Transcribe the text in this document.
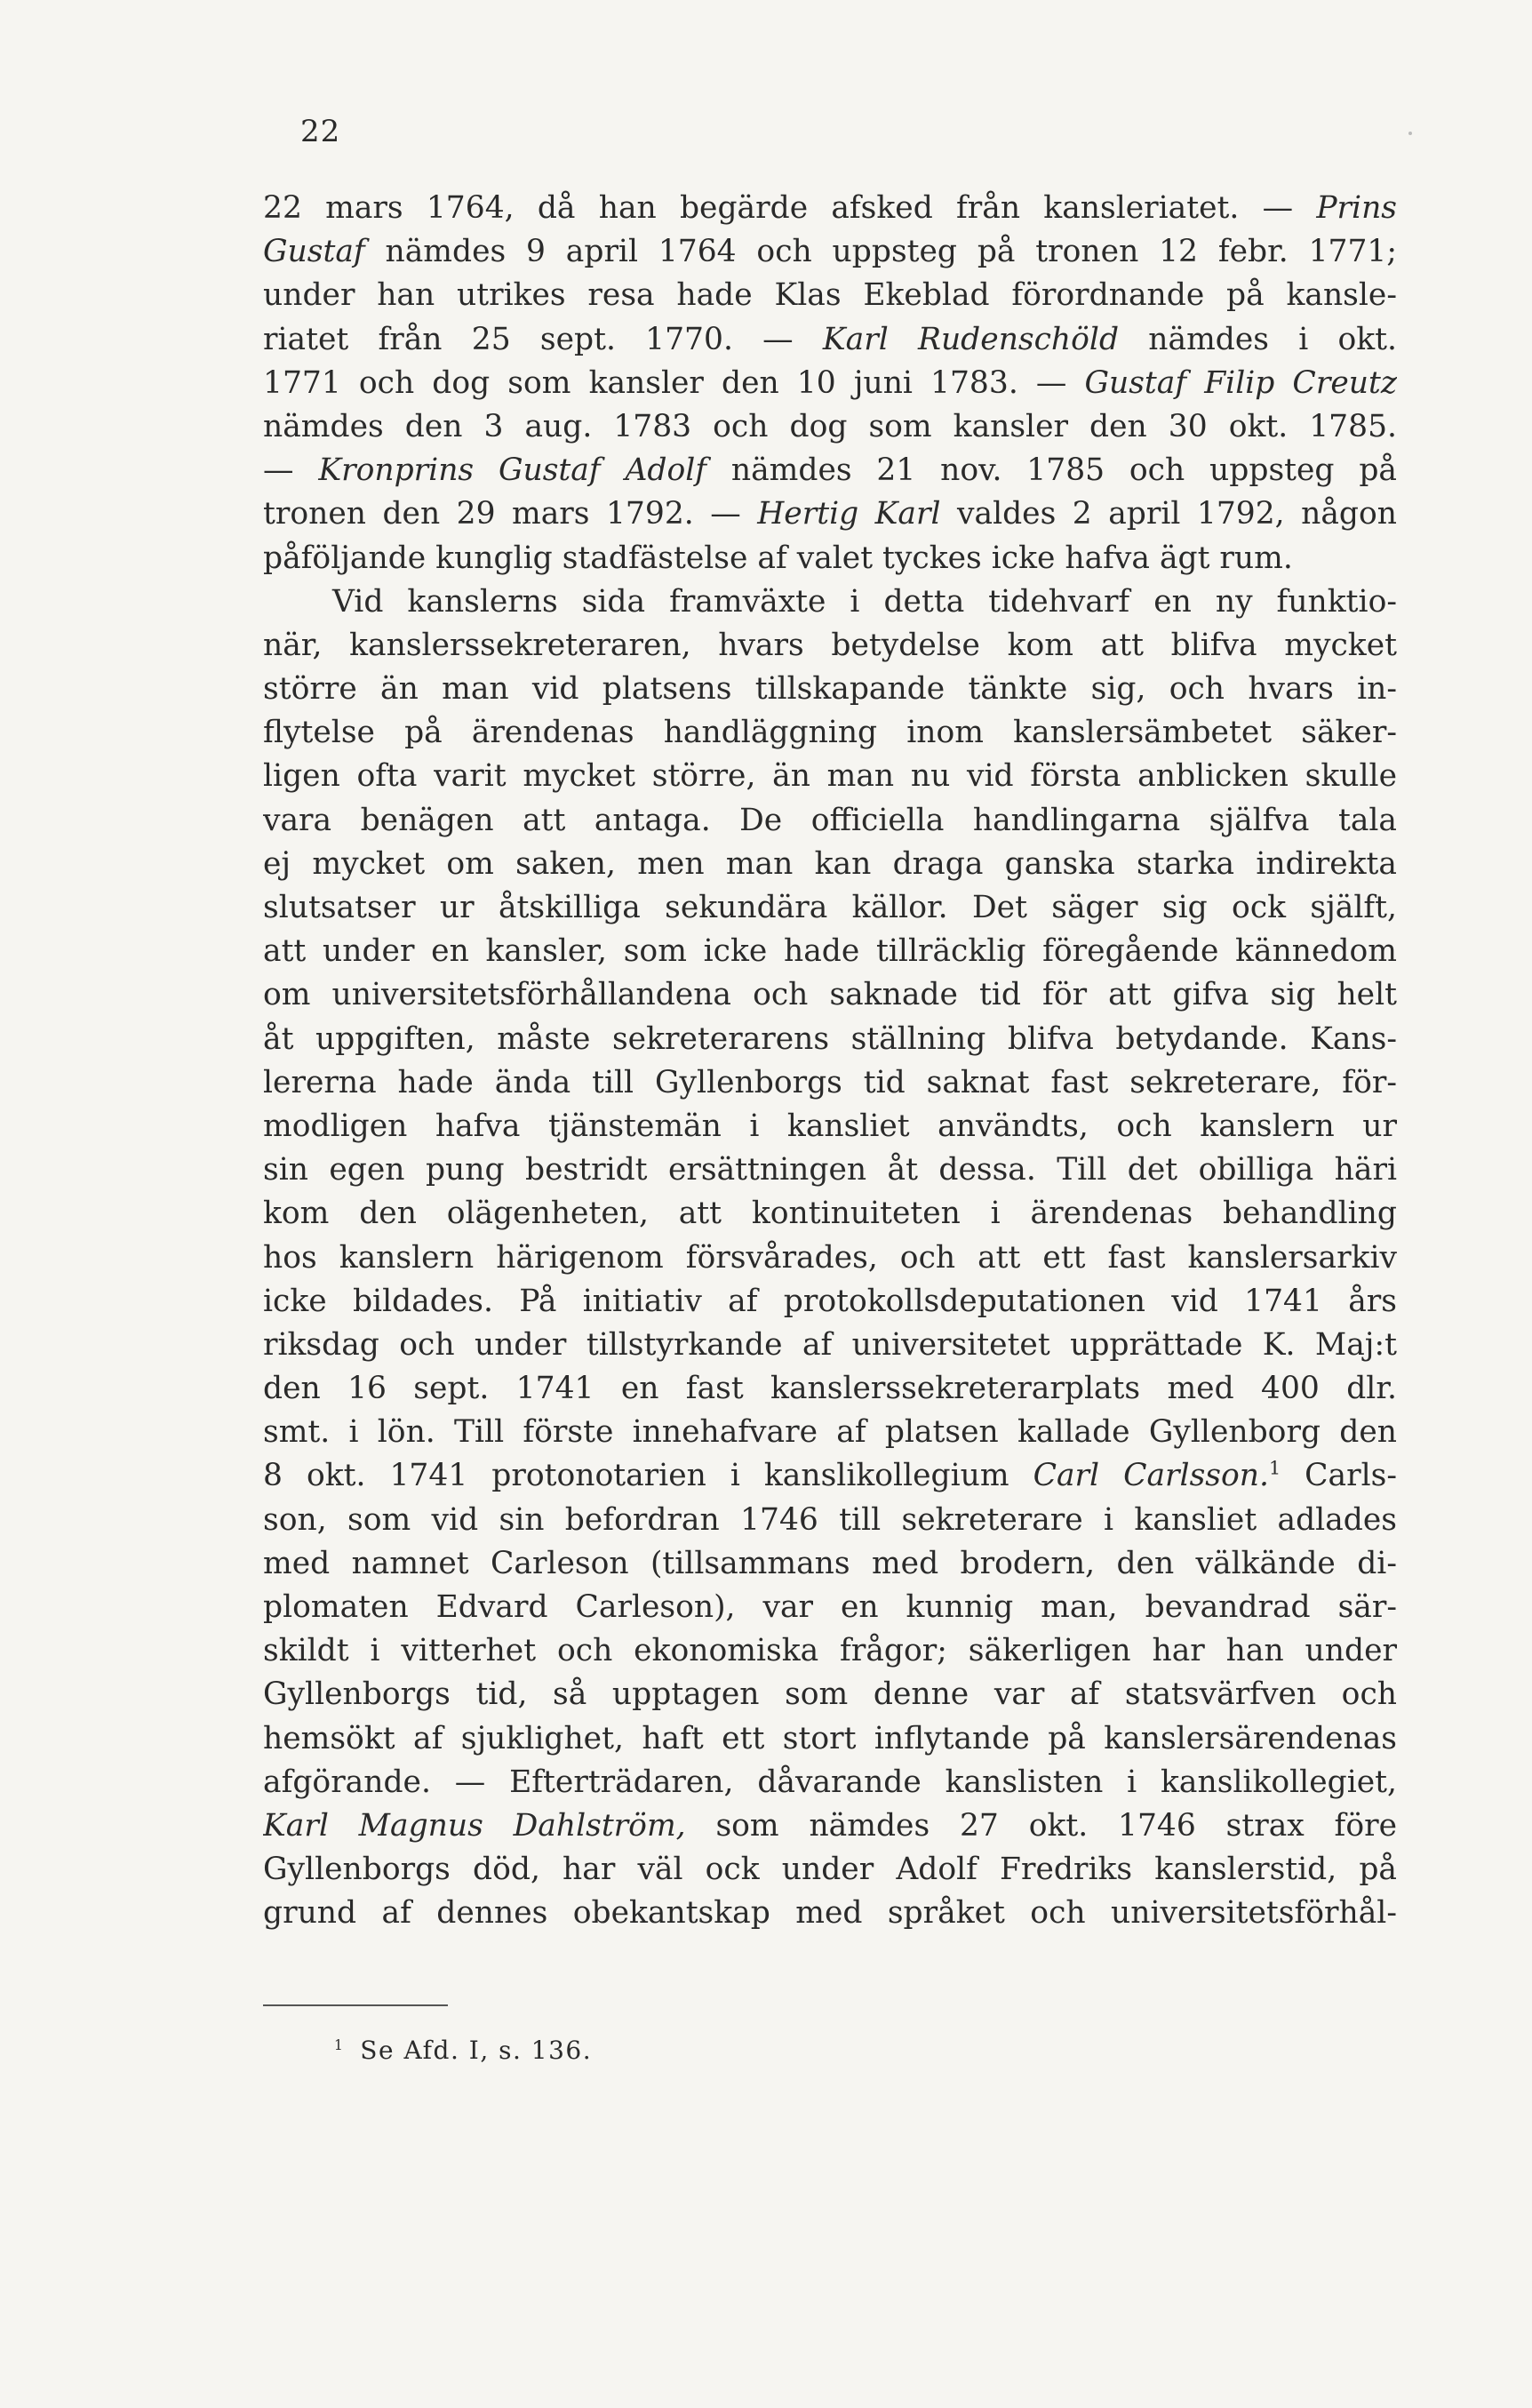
22
22 mars 1764, då han begärde afsked från kansleriatet. — Prins
Gustaf nämdes 9 april 1764 och uppsteg på tronen 12 febr. 1771;
under han utrikes resa hade Klas Ekeblad förordnande på kansle-
riatet från 25 sept. 1770. — Karl Rudenschöld nämdes i okt.
1771 och dog som kansler den 10 juni 1783. — Gustaf Filip Creutz
nämdes den 3 aug. 1783 och dog som kansler den 30 okt. 1785.
— Kronprins Gustaf Adolf nämdes 21 nov. 1785 och uppsteg på
tronen den 29 mars 1792. — Hertig Karl valdes 2 april 1792, någon
påföljande kunglig stadfästelse af valet tyckes icke hafva ägt rum.
Vid kanslerns sida framväxte i detta tidehvarf en ny funktio-
när, kanslerssekreteraren, hvars betydelse kom att blifva mycket
större än man vid platsens tillskapande tänkte sig, och hvars in-
flytelse på ärendenas handläggning inom kanslersämbetet säker-
ligen ofta varit mycket större, än man nu vid första anblicken skulle
vara benägen att antaga. De officiella handlingarna själfva tala
ej mycket om saken, men man kan draga ganska starka indirekta
slutsatser ur åtskilliga sekundära källor. Det säger sig ock själft,
att under en kansler, som icke hade tillräcklig föregående kännedom
om universitetsförhållandena och saknade tid för att gifva sig helt
åt uppgiften, måste sekreterarens ställning blifva betydande. Kans-
lererna hade ända till Gyllenborgs tid saknat fast sekreterare, för-
modligen hafva tjänstemän i kansliet användts, och kanslern ur
sin egen pung bestridt ersättningen åt dessa. Till det obilliga häri
kom den olägenheten, att kontinuiteten i ärendenas behandling
hos kanslern härigenom försvårades, och att ett fast kanslersarkiv
icke bildades. På initiativ af protokollsdeputationen vid 1741 års
riksdag och under tillstyrkande af universitetet upprättade K. Maj:t
den 16 sept. 1741 en fast kanslerssekreterarplats med 400 dlr.
smt. i lön. Till förste innehafvare af platsen kallade Gyllenborg den
8 okt. 1741 protonotarien i kanslikollegium Carl Carlsson.$^1$ Carls-
son, som vid sin befordran 1746 till sekreterare i kansliet adlades
med namnet Carleson (tillsammans med brodern, den välkände di-
plomaten Edvard Carleson), var en kunnig man, bevandrad sär-
skildt i vitterhet och ekonomiska frågor; säkerligen har han under
Gyllenborgs tid, så upptagen som denne var af statsvärfven och
hemsökt af sjuklighet, haft ett stort inflytande på kanslersärendenas
afgörande. — Efterträdaren, dåvarande kanslisten i kanslikollegiet,
Karl Magnus Dahlström, som nämdes 27 okt. 1746 strax före
Gyllenborgs död, har väl ock under Adolf Fredriks kanslerstid, på
grund af dennes obekantskap med språket och universitetsförhål-
$^1$ Se Afd. I, s. 136.
